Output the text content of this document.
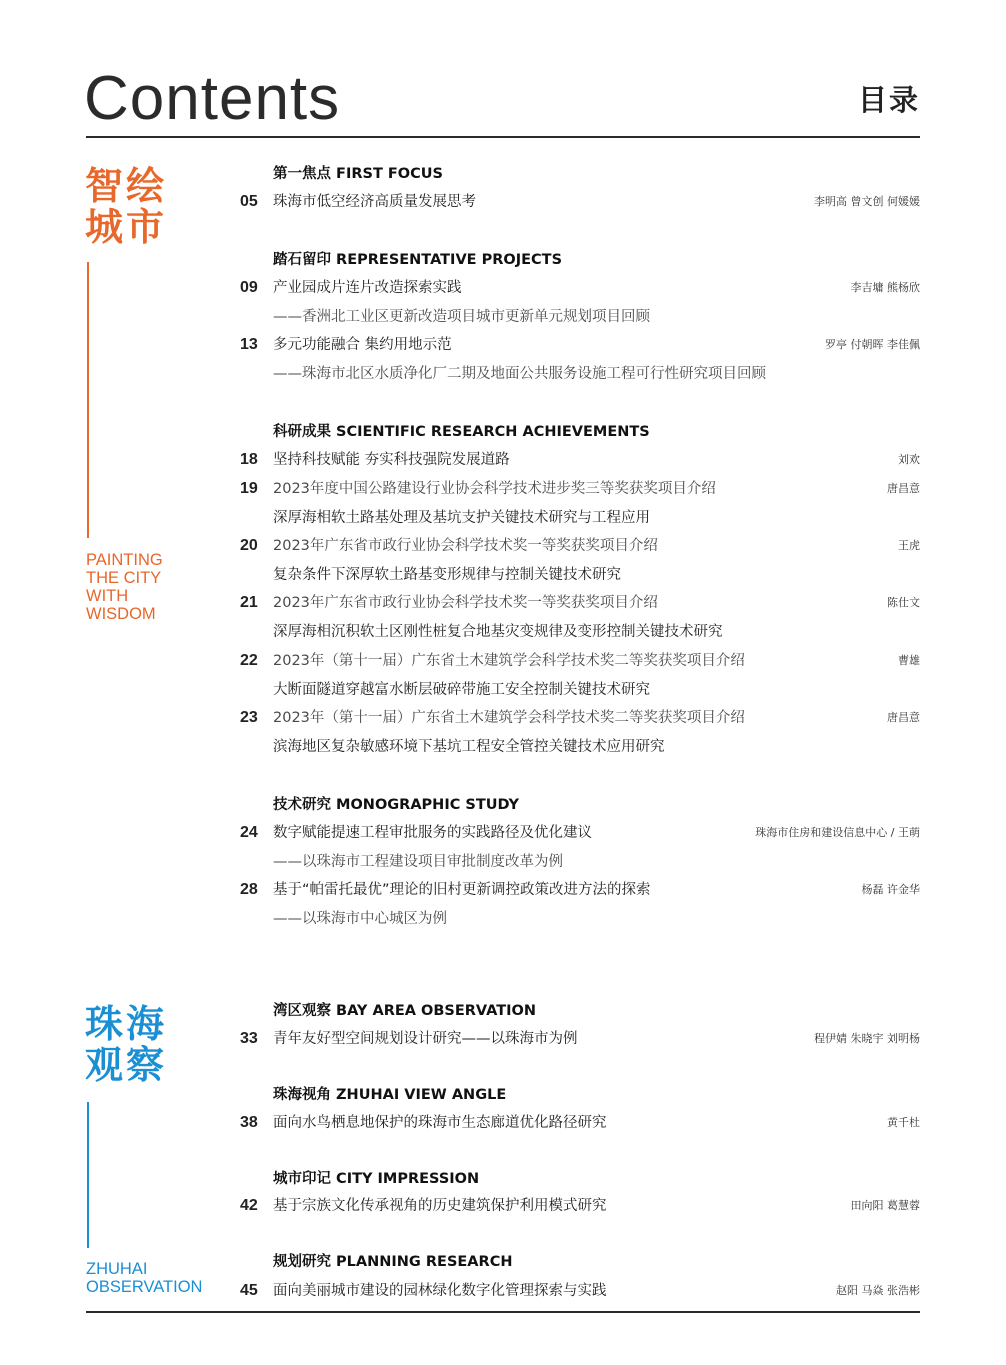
Contents	目录
智绘
城市
PAINTING
THE CITY
WITH
WISDOM
珠海
观察
ZHUHAI
OBSERVATION
第一焦点 FIRST FOCUS
05	珠海市低空经济高质量发展思考	李明高 曾文创 何媛媛
踏石留印 REPRESENTATIVE PROJECTS
09	产业园成片连片改造探索实践	李吉墉 熊杨欣
——香洲北工业区更新改造项目城市更新单元规划项目回顾
13	多元功能融合 集约用地示范	罗亭 付朝晖 李佳佩
——珠海市北区水质净化厂二期及地面公共服务设施工程可行性研究项目回顾
科研成果 SCIENTIFIC RESEARCH ACHIEVEMENTS
18	坚持科技赋能 夯实科技强院发展道路	刘欢
19	2023年度中国公路建设行业协会科学技术进步奖三等奖获奖项目介绍	唐昌意
深厚海相软土路基处理及基坑支护关键技术研究与工程应用
20	2023年广东省市政行业协会科学技术奖一等奖获奖项目介绍	王虎
复杂条件下深厚软土路基变形规律与控制关键技术研究
21	2023年广东省市政行业协会科学技术奖一等奖获奖项目介绍	陈仕文
深厚海相沉积软土区刚性桩复合地基灾变规律及变形控制关键技术研究
22	2023年（第十一届）广东省土木建筑学会科学技术奖二等奖获奖项目介绍	曹雄
大断面隧道穿越富水断层破碎带施工安全控制关键技术研究
23	2023年（第十一届）广东省土木建筑学会科学技术奖二等奖获奖项目介绍	唐昌意
滨海地区复杂敏感环境下基坑工程安全管控关键技术应用研究
技术研究 MONOGRAPHIC STUDY
24	数字赋能提速工程审批服务的实践路径及优化建议	珠海市住房和建设信息中心 / 王萌
——以珠海市工程建设项目审批制度改革为例
28	基于“帕雷托最优”理论的旧村更新调控政策改进方法的探索	杨磊 许金华
——以珠海市中心城区为例
湾区观察 BAY AREA OBSERVATION
33	青年友好型空间规划设计研究——以珠海市为例	程伊婧 朱晓宇 刘明杨
珠海视角 ZHUHAI VIEW ANGLE
38	面向水鸟栖息地保护的珠海市生态廊道优化路径研究	黄千杜
城市印记 CITY IMPRESSION
42	基于宗族文化传承视角的历史建筑保护利用模式研究	田向阳 葛慧蓉
规划研究 PLANNING RESEARCH
45	面向美丽城市建设的园林绿化数字化管理探索与实践	赵阳 马焱 张浩彬
